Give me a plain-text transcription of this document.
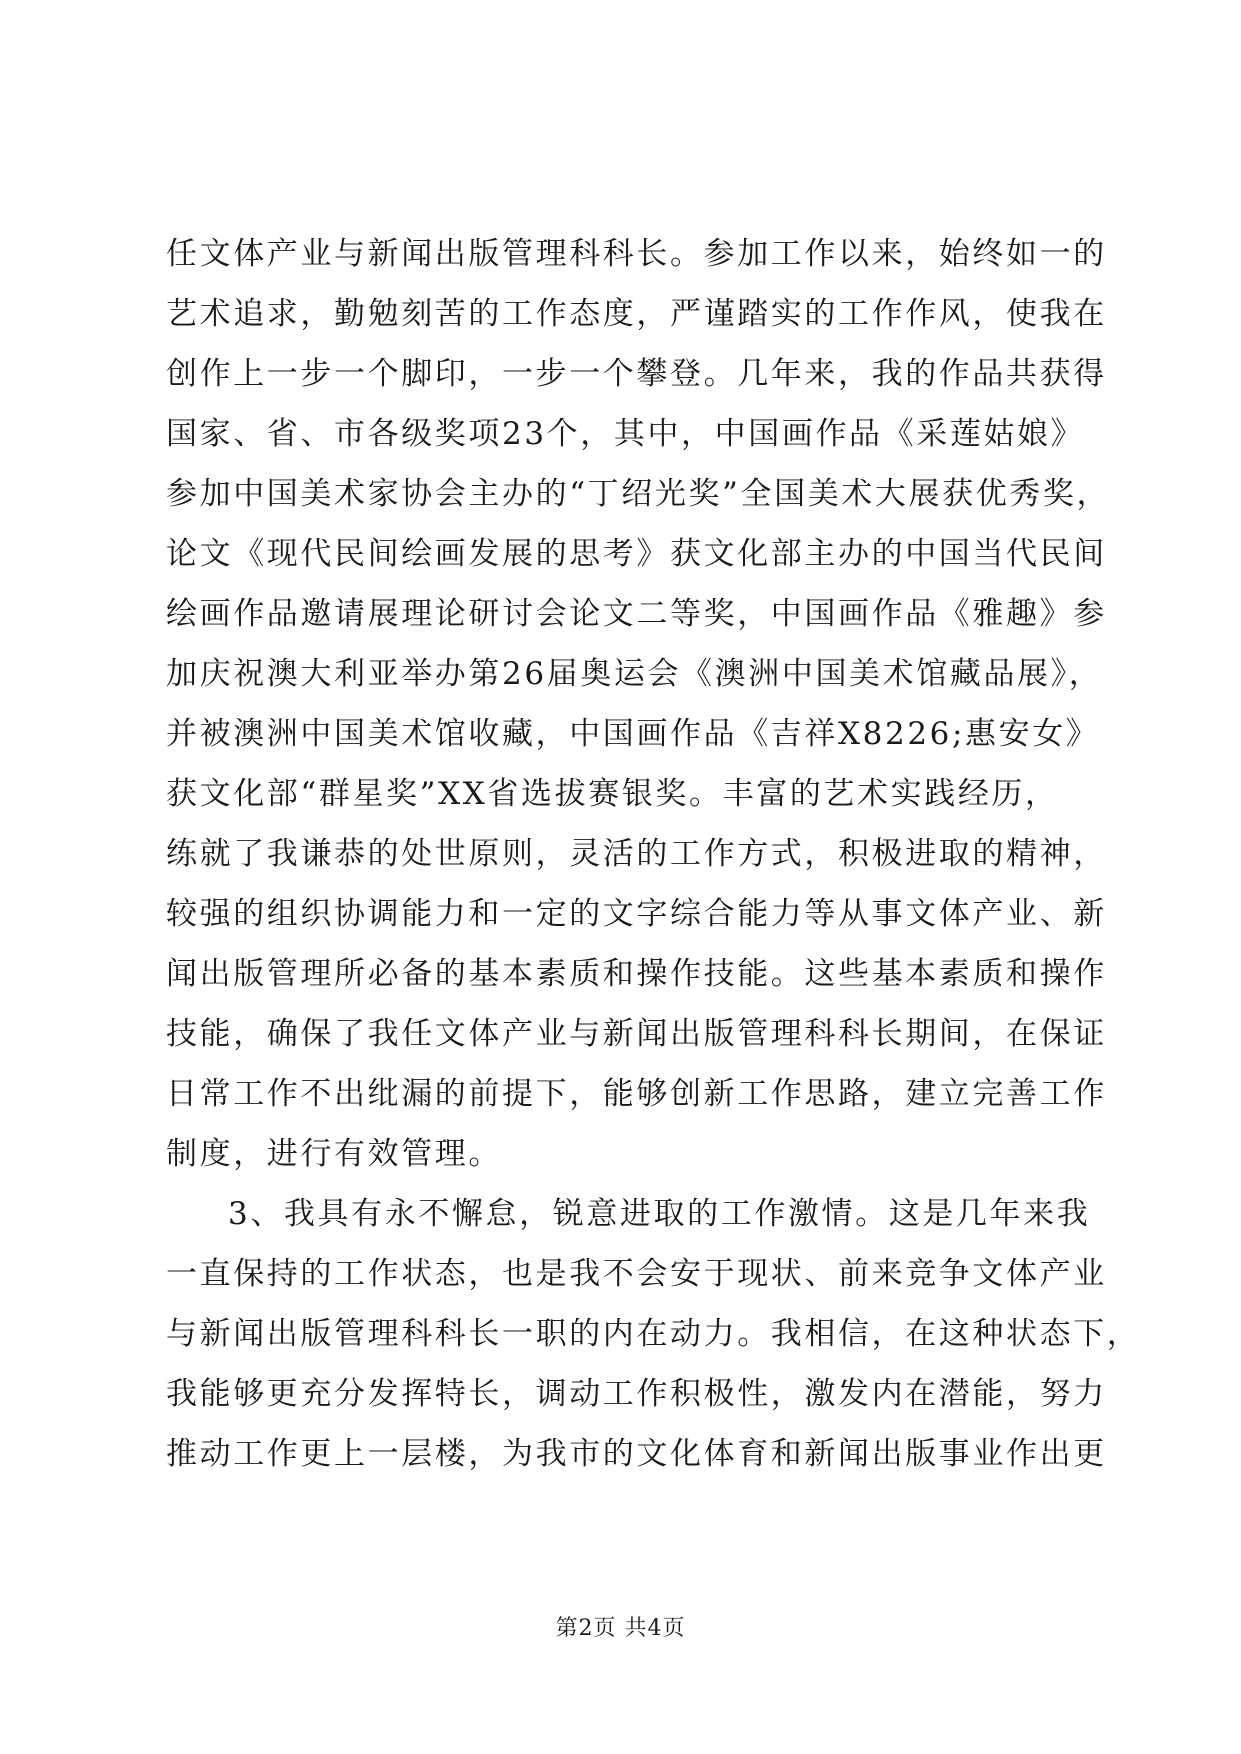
任文体产业与新闻出版管理科科长。参加工作以来，始终如一的
艺术追求，勤勉刻苦的工作态度，严谨踏实的工作作风，使我在
创作上一步一个脚印，一步一个攀登。几年来，我的作品共获得
国家、省、市各级奖项23个，其中，中国画作品《采莲姑娘》
参加中国美术家协会主办的“丁绍光奖”全国美术大展获优秀奖，
论文《现代民间绘画发展的思考》获文化部主办的中国当代民间
绘画作品邀请展理论研讨会论文二等奖，中国画作品《雅趣》参
加庆祝澳大利亚举办第26届奥运会《澳洲中国美术馆藏品展》，
并被澳洲中国美术馆收藏，中国画作品《吉祥X8226;惠安女》
获文化部“群星奖”XX省选拔赛银奖。丰富的艺术实践经历，
练就了我谦恭的处世原则，灵活的工作方式，积极进取的精神，
较强的组织协调能力和一定的文字综合能力等从事文体产业、新
闻出版管理所必备的基本素质和操作技能。这些基本素质和操作
技能，确保了我任文体产业与新闻出版管理科科长期间，在保证
日常工作不出纰漏的前提下，能够创新工作思路，建立完善工作
制度，进行有效管理。
3、我具有永不懈怠，锐意进取的工作激情。这是几年来我
一直保持的工作状态，也是我不会安于现状、前来竞争文体产业
与新闻出版管理科科长一职的内在动力。我相信，在这种状态下，
我能够更充分发挥特长，调动工作积极性，激发内在潜能，努力
推动工作更上一层楼，为我市的文化体育和新闻出版事业作出更
第2页 共4页
